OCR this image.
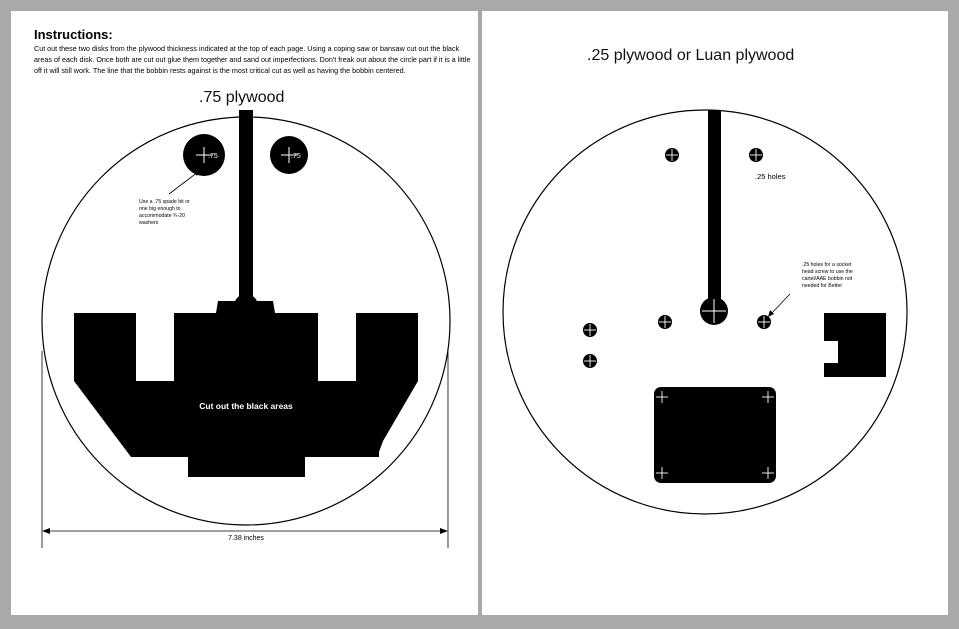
Instructions:
Cut out these two disks from the plywood thickness indicated at the top of each page. Using a coping saw or bansaw cut out the black areas of each disk. Once both are cut out glue them together and sand out imperfections. Don't freak out about the circle part if it is a little off it will still work. The line that the bobbin rests against is the most critical cut as well as having the bobbin centered.
.75 plywood
.75	.75
Use a .75 spade bit or
one big enough to
accommodate ¾-20
washers
Cut out the black areas
7.38 inches
.25 plywood or Luan plywood
.25 holes
.25 holes for a socket
head screw to use the
cartel/AAE bobbin not
needed for Better
